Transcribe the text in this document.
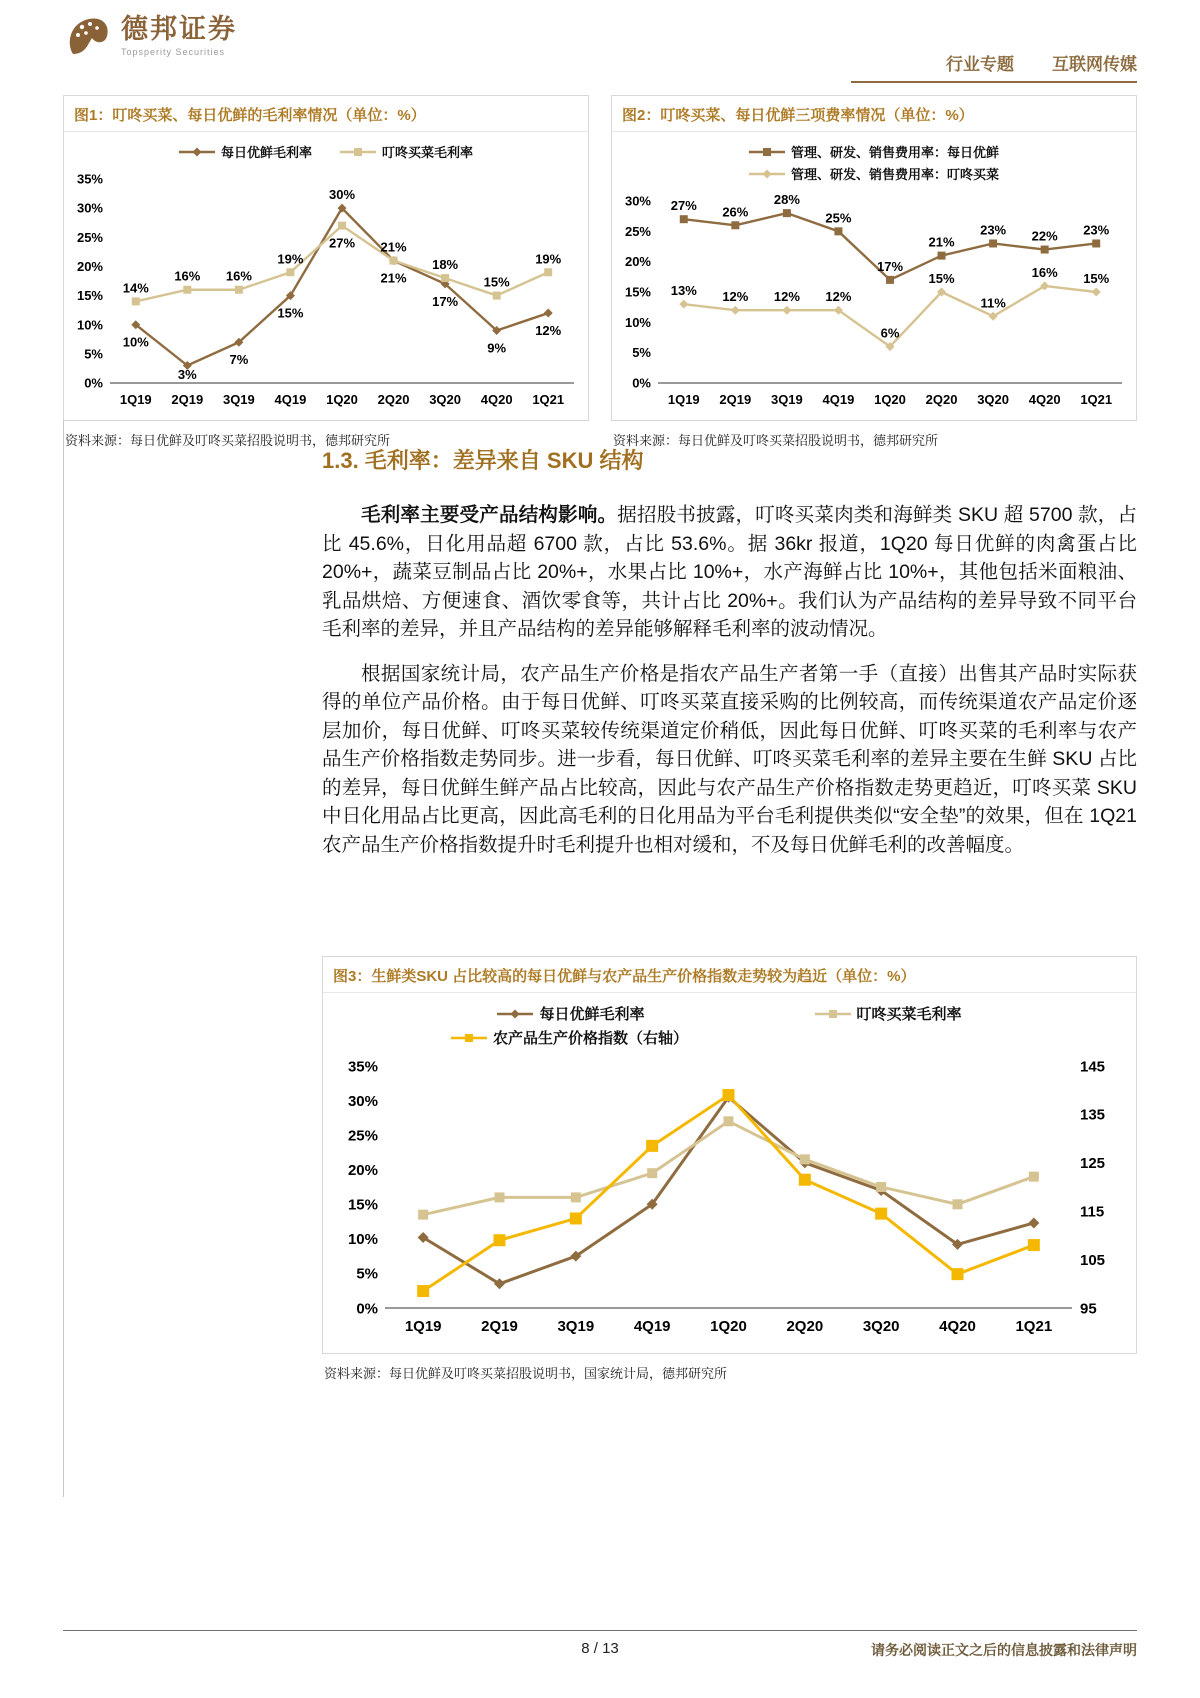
德邦证券
Topsperity Securities
行业专题 互联网传媒
图1：叮咚买菜、每日优鲜的毛利率情况（单位：%）
每日优鲜毛利率	叮咚买菜毛利率
0%
5%
10%
15%
20%
25%
30%
35%
1Q19 2Q19 3Q19 4Q19 1Q20 2Q20 3Q20 4Q20 1Q21
10%
3%
7%
15%
30%
21%
17%
9%
12%
14%
16% 16%
19%
27% 21%
18%
15%
19%
资料来源：每日优鲜及叮咚买菜招股说明书，德邦研究所
图2：叮咚买菜、每日优鲜三项费率情况（单位：%）
管理、研发、销售费用率：每日优鲜
管理、研发、销售费用率：叮咚买菜
0%
5%
10%
15%
20%
25%
30%
1Q19 2Q19 3Q19 4Q19 1Q20 2Q20 3Q20 4Q20 1Q21
27% 26%
28%
25%
17%
21%
23% 22% 23%
13% 12% 12% 12%
6%
15%
11%
16% 15%
资料来源：每日优鲜及叮咚买菜招股说明书，德邦研究所
1.3. 毛利率：差异来自 SKU 结构

毛利率主要受产品结构影响。据招股书披露，叮咚买菜肉类和海鲜类 SKU 超 5700 款，占比 45.6%，日化用品超 6700 款，占比 53.6%。据 36kr 报道，1Q20 每日优鲜的肉禽蛋占比 20%+，蔬菜豆制品占比 20%+，水果占比 10%+，水产海鲜占比 10%+，其他包括米面粮油、乳品烘焙、方便速食、酒饮零食等，共计占比 20%+。我们认为产品结构的差异导致不同平台毛利率的差异，并且产品结构的差异能够解释毛利率的波动情况。

根据国家统计局，农产品生产价格是指农产品生产者第一手（直接）出售其产品时实际获得的单位产品价格。由于每日优鲜、叮咚买菜直接采购的比例较高，而传统渠道农产品定价逐层加价，每日优鲜、叮咚买菜较传统渠道定价稍低，因此每日优鲜、叮咚买菜的毛利率与农产品生产价格指数走势同步。进一步看，每日优鲜、叮咚买菜毛利率的差异主要在生鲜 SKU 占比的差异，每日优鲜生鲜产品占比较高，因此与农产品生产价格指数走势更趋近，叮咚买菜 SKU 中日化用品占比更高，因此高毛利的日化用品为平台毛利提供类似“安全垫”的效果，但在 1Q21 农产品生产价格指数提升时毛利提升也相对缓和，不及每日优鲜毛利的改善幅度。

图3：生鲜类SKU 占比较高的每日优鲜与农产品生产价格指数走势较为趋近（单位：%）
每日优鲜毛利率	叮咚买菜毛利率
农产品生产价格指数（右轴）
0%
5%
10%
15%
20%
25%
30%
35%
95
105
115
125
135
145
1Q19	2Q19	3Q19	4Q19	1Q20	2Q20	3Q20	4Q20	1Q21
资料来源：每日优鲜及叮咚买菜招股说明书，国家统计局，德邦研究所
8 / 13	请务必阅读正文之后的信息披露和法律声明
